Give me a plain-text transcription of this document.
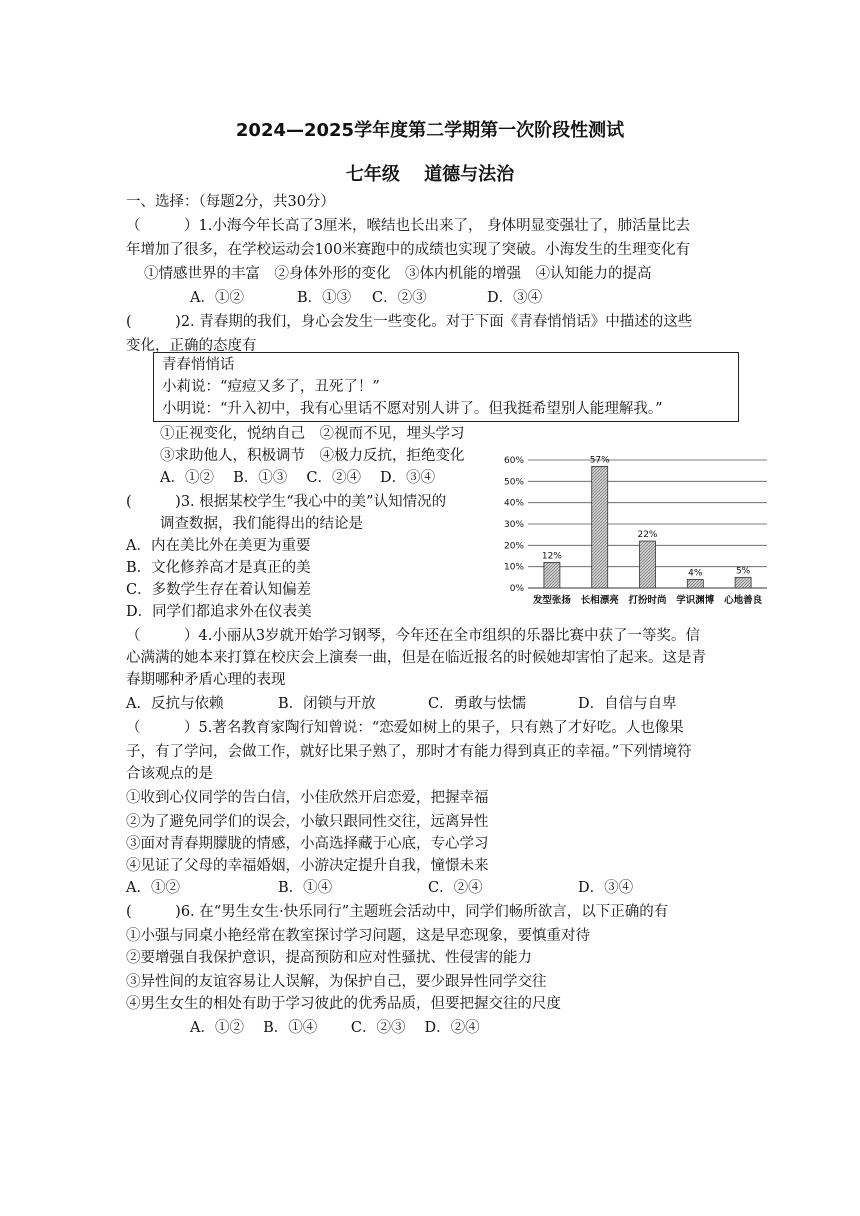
2024—2025学年度第二学期第一次阶段性测试
七年级　 道德与法治
一、选择：（每题2分，共30分）
（　　　）1.小海今年长高了3厘米，喉结也长出来了， 身体明显变强壮了，肺活量比去
年增加了很多，在学校运动会100米赛跑中的成绩也实现了突破。小海发生的生理变化有
①情感世界的丰富　②身体外形的变化　③体内机能的增强　④认知能力的提高
A．①②	B．①③ C．②③	D．③④
(　　　)2. 青春期的我们，身心会发生一些变化。对于下面《青春悄悄话》中描述的这些
变化，正确的态度有
青春悄悄话
小莉说：“痘痘又多了，丑死了！”
小明说：“升入初中，我有心里话不愿对别人讲了。但我挺希望别人能理解我。”
①正视变化，悦纳自己　②视而不见，埋头学习
③求助他人，积极调节　④极力反抗，拒绝变化
A．①②　 B．①③　 C．②④　 D．③④
(　　　)3. 根据某校学生“我心中的美”认知情况的
调查数据，我们能得出的结论是
A．内在美比外在美更为重要
B．文化修养高才是真正的美
C．多数学生存在着认知偏差
D．同学们都追求外在仪表美
0%
10%
20%
30%
40%
50%
60%
12%
57%
22%
4%	5%
发型张扬 长相漂亮 打扮时尚 学识渊博 心地善良
（　　　）4.小丽从3岁就开始学习钢琴，今年还在全市组织的乐器比赛中获了一等奖。信
心满满的她本来打算在校庆会上演奏一曲，但是在临近报名的时候她却害怕了起来。这是青
春期哪种矛盾心理的表现
A．反抗与依赖	B．闭锁与开放	C．勇敢与怯懦	D．自信与自卑
（　　　）5.著名教育家陶行知曾说：“恋爱如树上的果子，只有熟了才好吃。人也像果
子，有了学问，会做工作，就好比果子熟了，那时才有能力得到真正的幸福。”下列情境符
合该观点的是
①收到心仪同学的告白信，小佳欣然开启恋爱，把握幸福
②为了避免同学们的误会，小敏只跟同性交往，远离异性
③面对青春期朦胧的情感，小高选择藏于心底，专心学习
④见证了父母的幸福婚姻，小游决定提升自我，憧憬未来
A．①②	B．①④	C．②④	D．③④
(　　　)6. 在“男生女生·快乐同行”主题班会活动中，同学们畅所欲言，以下正确的有
①小强与同桌小艳经常在教室探讨学习问题，这是早恋现象，要慎重对待
②要增强自我保护意识，提高预防和应对性骚扰、性侵害的能力
③异性间的友谊容易让人误解，为保护自己，要少跟异性同学交往
④男生女生的相处有助于学习彼此的优秀品质，但要把握交往的尺度
A．①②　 B．①④　　 C．②③　 D．②④
